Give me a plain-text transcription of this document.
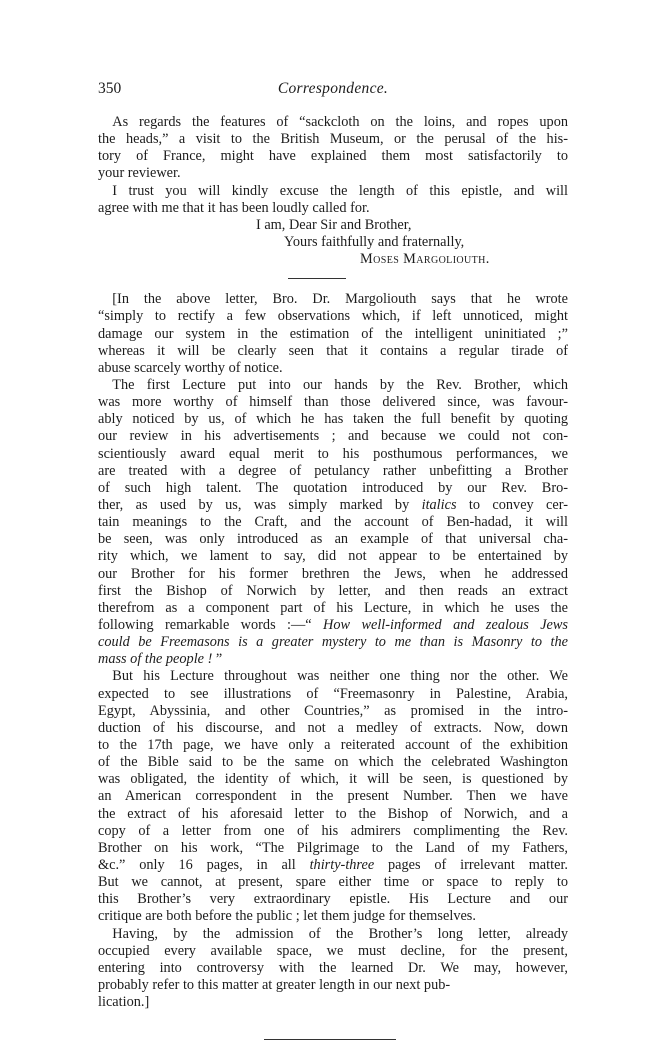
350	Correspondence.
 As regards the features of “sackcloth on the loins, and ropes upon
the heads,” a visit to the British Museum, or the perusal of the his-
tory of France, might have explained them most satisfactorily to
your reviewer.
 I trust you will kindly excuse the length of this epistle, and will
agree with me that it has been loudly called for.
I am, Dear Sir and Brother,
Yours faithfully and fraternally,
Moses Margoliouth.
 [In the above letter, Bro. Dr. Margoliouth says that he wrote
“simply to rectify a few observations which, if left unnoticed, might
damage our system in the estimation of the intelligent uninitiated ;”
whereas it will be clearly seen that it contains a regular tirade of
abuse scarcely worthy of notice.
 The first Lecture put into our hands by the Rev. Brother, which
was more worthy of himself than those delivered since, was favour-
ably noticed by us, of which he has taken the full benefit by quoting
our review in his advertisements ; and because we could not con-
scientiously award equal merit to his posthumous performances, we
are treated with a degree of petulancy rather unbefitting a Brother
of such high talent. The quotation introduced by our Rev. Bro-
ther, as used by us, was simply marked by italics to convey cer-
tain meanings to the Craft, and the account of Ben-hadad, it will
be seen, was only introduced as an example of that universal cha-
rity which, we lament to say, did not appear to be entertained by
our Brother for his former brethren the Jews, when he addressed
first the Bishop of Norwich by letter, and then reads an extract
therefrom as a component part of his Lecture, in which he uses the
following remarkable words :—“ How well-informed and zealous Jews
could be Freemasons is a greater mystery to me than is Masonry to the
mass of the people ! ”
 But his Lecture throughout was neither one thing nor the other. We
expected to see illustrations of “Freemasonry in Palestine, Arabia,
Egypt, Abyssinia, and other Countries,” as promised in the intro-
duction of his discourse, and not a medley of extracts. Now, down
to the 17th page, we have only a reiterated account of the exhibition
of the Bible said to be the same on which the celebrated Washington
was obligated, the identity of which, it will be seen, is questioned by
an American correspondent in the present Number. Then we have
the extract of his aforesaid letter to the Bishop of Norwich, and a
copy of a letter from one of his admirers complimenting the Rev.
Brother on his work, “The Pilgrimage to the Land of my Fathers,
&c.” only 16 pages, in all thirty-three pages of irrelevant matter.
But we cannot, at present, spare either time or space to reply to
this Brother’s very extraordinary epistle. His Lecture and our
critique are both before the public ; let them judge for themselves.
 Having, by the admission of the Brother’s long letter, already
occupied every available space, we must decline, for the present,
entering into controversy with the learned Dr. We may, however,
probably refer to this matter at greater length in our next pub-
lication.]
